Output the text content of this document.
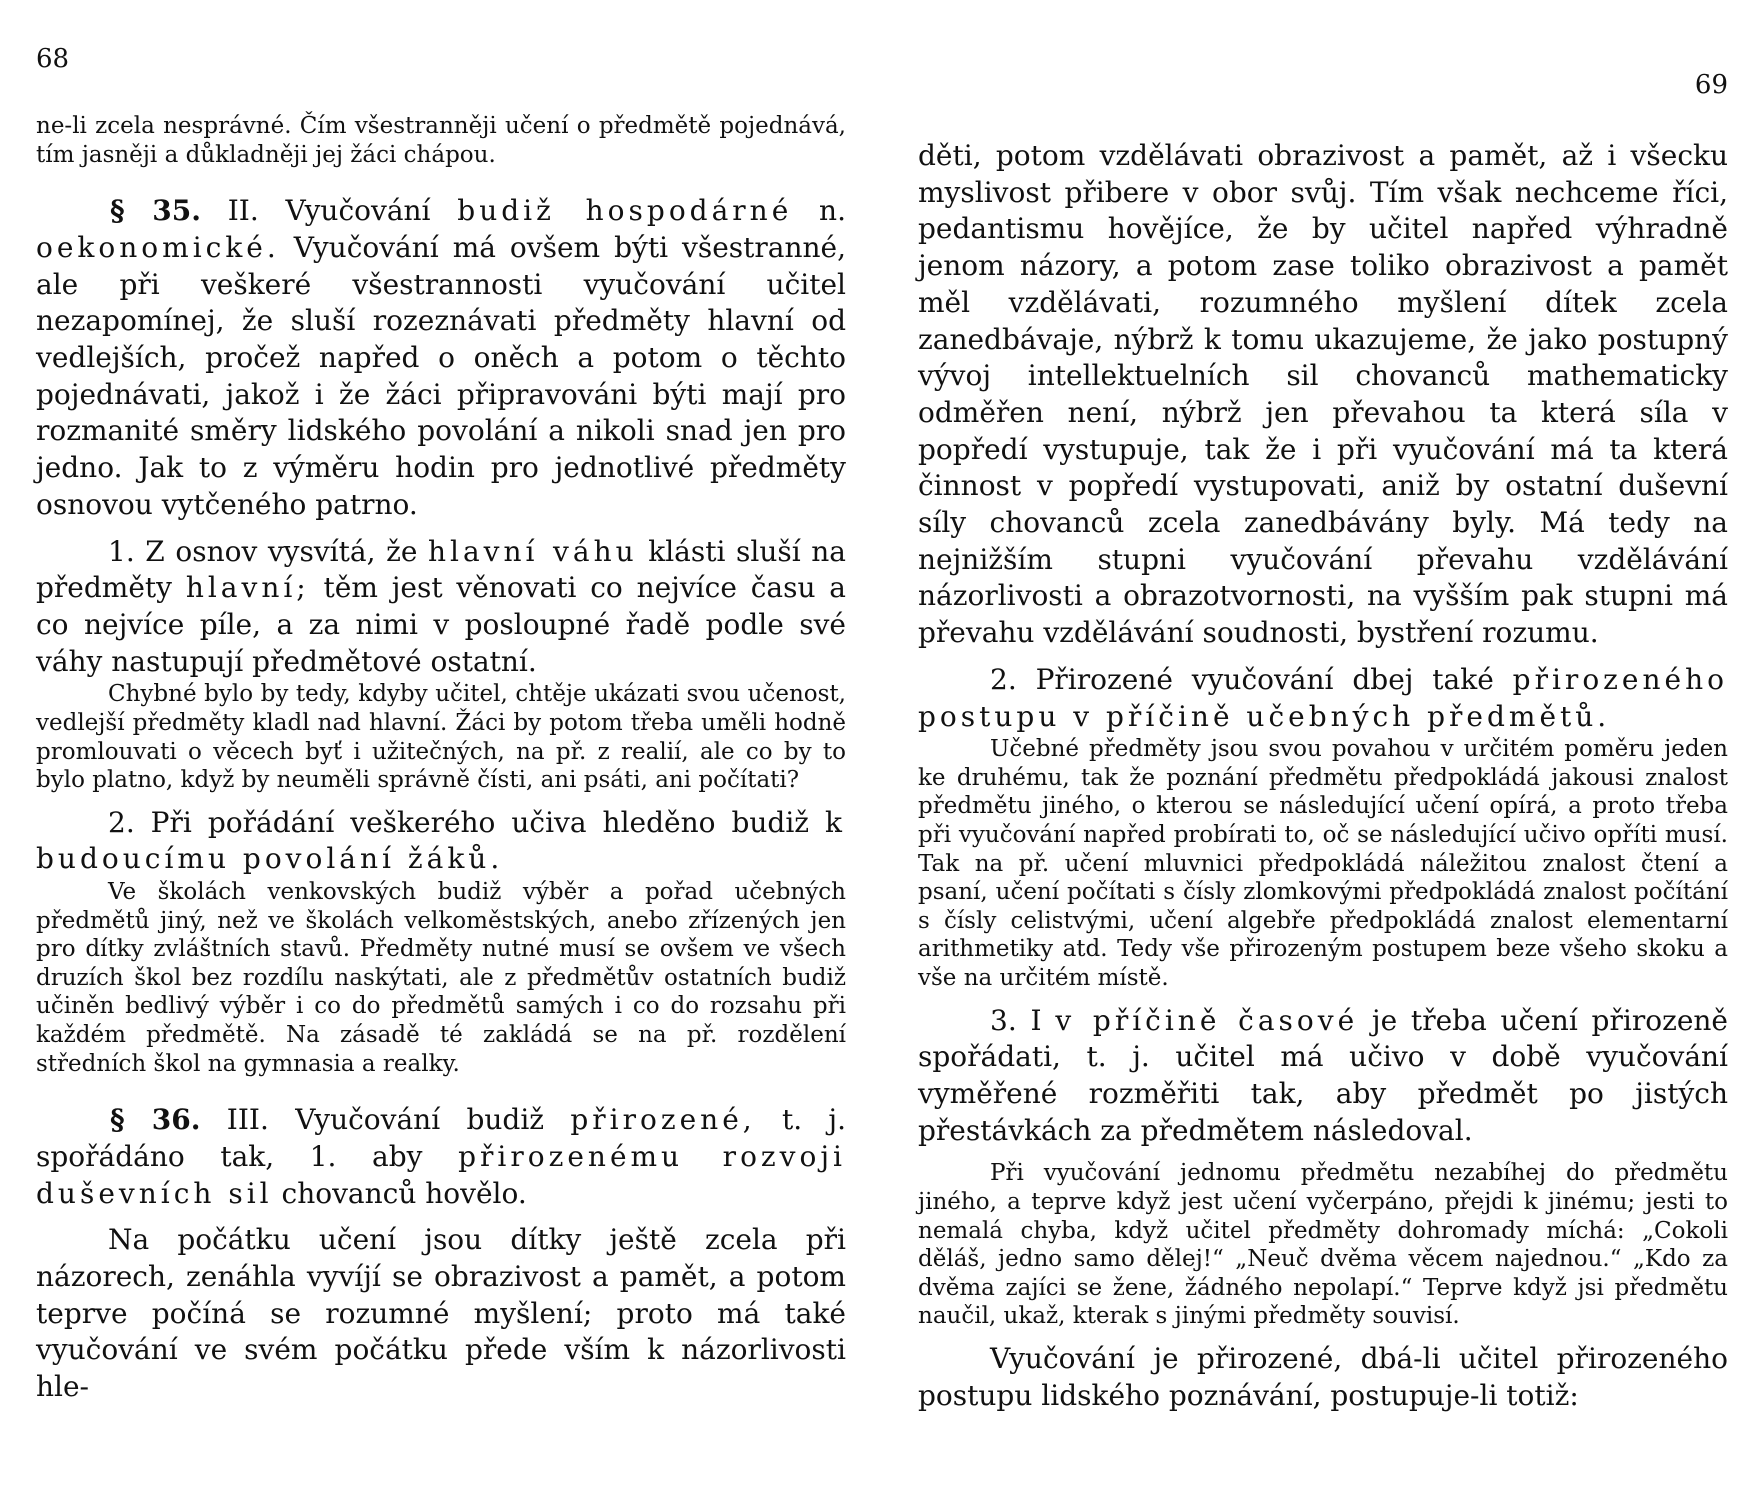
68

ne-li zcela nesprávné. Čím všestranněji učení o předmětě pojednává, tím jasněji a důkladněji jej žáci chápou.

§ 35. II. Vyučování budiž hospodárné n. oekonomické. Vyučování má ovšem býti všestranné, ale při veškeré všestrannosti vyučování učitel nezapomínej, že sluší rozeznávati předměty hlavní od vedlejších, pročež napřed o oněch a potom o těchto pojednávati, jakož i že žáci připravováni býti mají pro rozmanité směry lidského povolání a nikoli snad jen pro jedno. Jak to z výměru hodin pro jednotlivé předměty osnovou vytčeného patrno.

1. Z osnov vysvítá, že hlavní váhu klásti sluší na předměty hlavní; těm jest věnovati co nejvíce času a co nejvíce píle, a za nimi v posloupné řadě podle své váhy nastupují předmětové ostatní.

Chybné bylo by tedy, kdyby učitel, chtěje ukázati svou učenost, vedlejší předměty kladl nad hlavní. Žáci by potom třeba uměli hodně promlouvati o věcech byť i užitečných, na př. z realií, ale co by to bylo platno, když by neuměli správně čísti, ani psáti, ani počítati?

2. Při pořádání veškerého učiva hleděno budiž k budoucímu povolání žáků.

Ve školách venkovských budiž výběr a pořad učebných předmětů jiný, než ve školách velkoměstských, anebo zřízených jen pro dítky zvláštních stavů. Předměty nutné musí se ovšem ve všech druzích škol bez rozdílu naskýtati, ale z předmětův ostatních budiž učiněn bedlivý výběr i co do předmětů samých i co do rozsahu při každém předmětě. Na zásadě té zakládá se na př. rozdělení středních škol na gymnasia a realky.

§ 36. III. Vyučování budiž přirozené, t. j. spořádáno tak, 1. aby přirozenému rozvoji duševních sil chovanců hovělo.

Na počátku učení jsou dítky ještě zcela při názorech, zenáhla vyvíjí se obrazivost a pamět, a potom teprve počíná se rozumné myšlení; proto má také vyučování ve svém počátku přede vším k názorlivosti hle-

69

děti, potom vzdělávati obrazivost a pamět, až i všecku myslivost přibere v obor svůj. Tím však nechceme říci, pedantismu hovějíce, že by učitel napřed výhradně jenom názory, a potom zase toliko obrazivost a pamět měl vzdělávati, rozumného myšlení dítek zcela zanedbávaje, nýbrž k tomu ukazujeme, že jako postupný vývoj intellektuelních sil chovanců mathematicky odměřen není, nýbrž jen převahou ta která síla v popředí vystupuje, tak že i při vyučování má ta která činnost v popředí vystupovati, aniž by ostatní duševní síly chovanců zcela zanedbávány byly. Má tedy na nejnižším stupni vyučování převahu vzdělávání názorlivosti a obrazotvornosti, na vyšším pak stupni má převahu vzdělávání soudnosti, bystření rozumu.

2. Přirozené vyučování dbej také přirozeného postupu v příčině učebných předmětů.

Učebné předměty jsou svou povahou v určitém poměru jeden ke druhému, tak že poznání předmětu předpokládá jakousi znalost předmětu jiného, o kterou se následující učení opírá, a proto třeba při vyučování napřed probírati to, oč se následující učivo opříti musí. Tak na př. učení mluvnici předpokládá náležitou znalost čtení a psaní, učení počítati s čísly zlomkovými předpokládá znalost počítání s čísly celistvými, učení algebře předpokládá znalost elementarní arithmetiky atd. Tedy vše přirozeným postupem beze všeho skoku a vše na určitém místě.

3. I v příčině časové je třeba učení přirozeně spořádati, t. j. učitel má učivo v době vyučování vyměřené rozměřiti tak, aby předmět po jistých přestávkách za předmětem následoval.

Při vyučování jednomu předmětu nezabíhej do předmětu jiného, a teprve když jest učení vyčerpáno, přejdi k jinému; jesti to nemalá chyba, když učitel předměty dohromady míchá: „Cokoli děláš, jedno samo dělej!“ „Neuč dvěma věcem najednou.“ „Kdo za dvěma zajíci se žene, žádného nepolapí.“ Teprve když jsi předmětu naučil, ukaž, kterak s jinými předměty souvisí.

Vyučování je přirozené, dbá-li učitel přirozeného postupu lidského poznávání, postupuje-li totiž:
